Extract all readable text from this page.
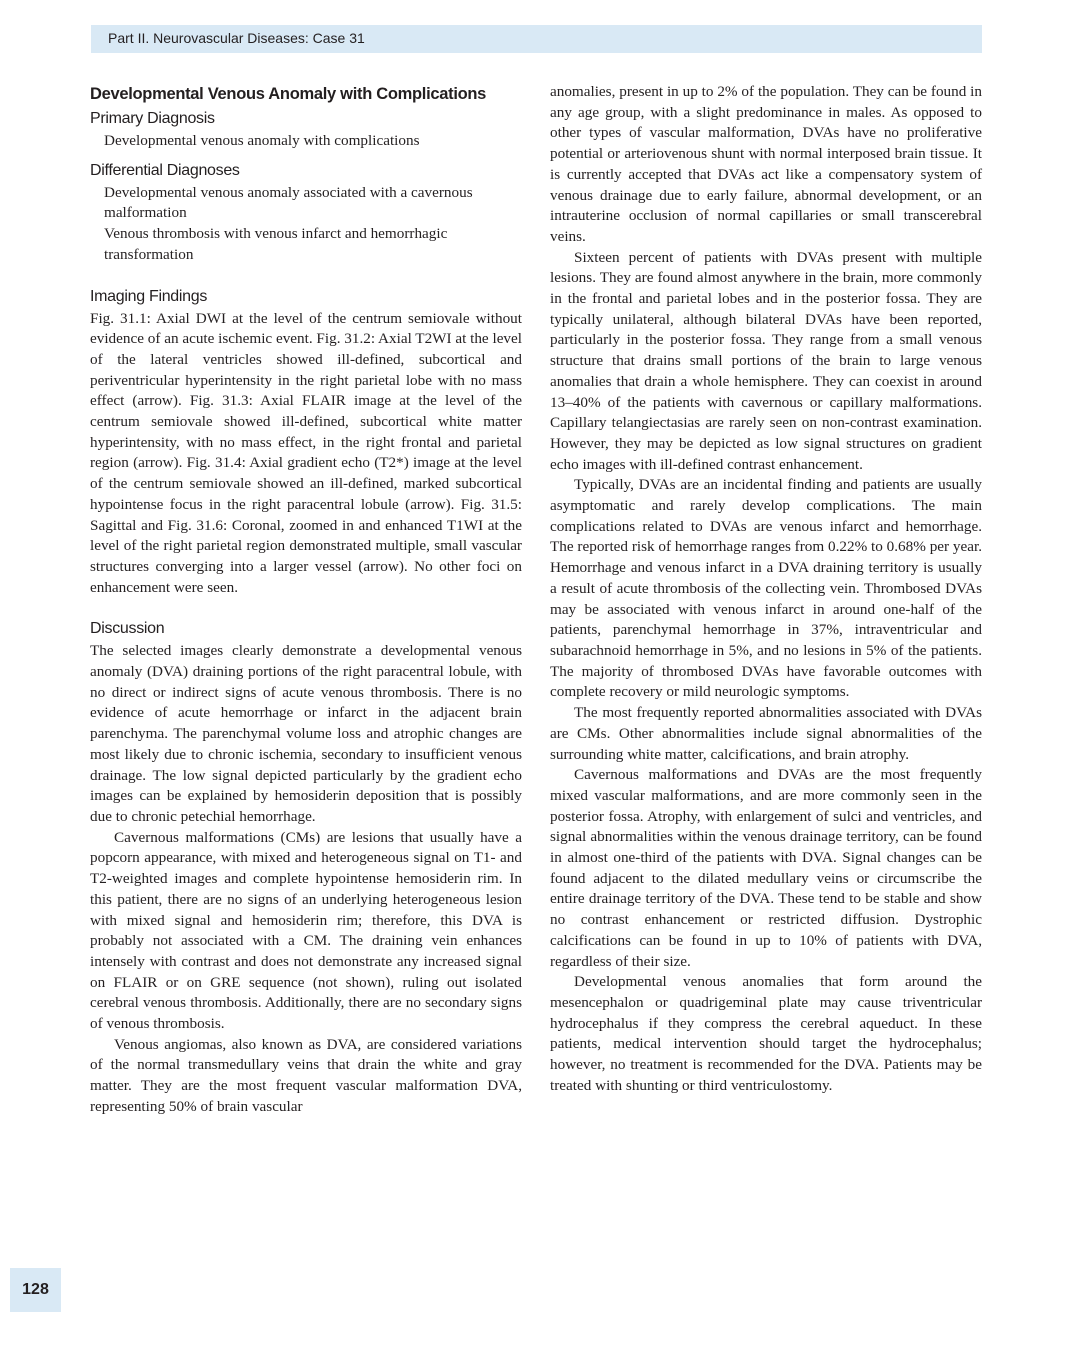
Part II. Neurovascular Diseases: Case 31
Developmental Venous Anomaly with Complications
Primary Diagnosis
Developmental venous anomaly with complications
Differential Diagnoses
Developmental venous anomaly associated with a cavernous malformation
Venous thrombosis with venous infarct and hemorrhagic transformation
Imaging Findings

Fig. 31.1: Axial DWI at the level of the centrum semiovale without evidence of an acute ischemic event. Fig. 31.2: Axial T2WI at the level of the lateral ventricles showed ill-defined, subcortical and periventricular hyperintensity in the right parietal lobe with no mass effect (arrow). Fig. 31.3: Axial FLAIR image at the level of the centrum semiovale showed ill-defined, subcortical white matter hyperintensity, with no mass effect, in the right frontal and parietal region (arrow). Fig. 31.4: Axial gradient echo (T2*) image at the level of the centrum semiovale showed an ill-defined, marked subcortical hypointense focus in the right paracentral lobule (arrow). Fig. 31.5: Sagittal and Fig. 31.6: Coronal, zoomed in and enhanced T1WI at the level of the right parietal region demonstrated multiple, small vascular structures converging into a larger vessel (arrow). No other foci on enhancement were seen.

Discussion

The selected images clearly demonstrate a developmental venous anomaly (DVA) draining portions of the right paracentral lobule, with no direct or indirect signs of acute venous thrombosis. There is no evidence of acute hemorrhage or infarct in the adjacent brain parenchyma. The parenchymal volume loss and atrophic changes are most likely due to chronic ischemia, secondary to insufficient venous drainage. The low signal depicted particularly by the gradient echo images can be explained by hemosiderin deposition that is possibly due to chronic petechial hemorrhage.

Cavernous malformations (CMs) are lesions that usually have a popcorn appearance, with mixed and heterogeneous signal on T1- and T2-weighted images and complete hypointense hemosiderin rim. In this patient, there are no signs of an underlying heterogeneous lesion with mixed signal and hemosiderin rim; therefore, this DVA is probably not associated with a CM. The draining vein enhances intensely with contrast and does not demonstrate any increased signal on FLAIR or on GRE sequence (not shown), ruling out isolated cerebral venous thrombosis. Additionally, there are no secondary signs of venous thrombosis.

Venous angiomas, also known as DVA, are considered variations of the normal transmedullary veins that drain the white and gray matter. They are the most frequent vascular malformation DVA, representing 50% of brain vascular

anomalies, present in up to 2% of the population. They can be found in any age group, with a slight predominance in males. As opposed to other types of vascular malformation, DVAs have no proliferative potential or arteriovenous shunt with normal interposed brain tissue. It is currently accepted that DVAs act like a compensatory system of venous drainage due to early failure, abnormal development, or an intrauterine occlusion of normal capillaries or small transcerebral veins.

Sixteen percent of patients with DVAs present with multiple lesions. They are found almost anywhere in the brain, more commonly in the frontal and parietal lobes and in the posterior fossa. They are typically unilateral, although bilateral DVAs have been reported, particularly in the posterior fossa. They range from a small venous structure that drains small portions of the brain to large venous anomalies that drain a whole hemisphere. They can coexist in around 13–40% of the patients with cavernous or capillary malformations. Capillary telangiectasias are rarely seen on non-contrast examination. However, they may be depicted as low signal structures on gradient echo images with ill-defined contrast enhancement.

Typically, DVAs are an incidental finding and patients are usually asymptomatic and rarely develop complications. The main complications related to DVAs are venous infarct and hemorrhage. The reported risk of hemorrhage ranges from 0.22% to 0.68% per year. Hemorrhage and venous infarct in a DVA draining territory is usually a result of acute thrombosis of the collecting vein. Thrombosed DVAs may be associated with venous infarct in around one-half of the patients, parenchymal hemorrhage in 37%, intraventricular and subarachnoid hemorrhage in 5%, and no lesions in 5% of the patients. The majority of thrombosed DVAs have favorable outcomes with complete recovery or mild neurologic symptoms.

The most frequently reported abnormalities associated with DVAs are CMs. Other abnormalities include signal abnormalities of the surrounding white matter, calcifications, and brain atrophy.

Cavernous malformations and DVAs are the most frequently mixed vascular malformations, and are more commonly seen in the posterior fossa. Atrophy, with enlargement of sulci and ventricles, and signal abnormalities within the venous drainage territory, can be found in almost one-third of the patients with DVA. Signal changes can be found adjacent to the dilated medullary veins or circumscribe the entire drainage territory of the DVA. These tend to be stable and show no contrast enhancement or restricted diffusion. Dystrophic calcifications can be found in up to 10% of patients with DVA, regardless of their size.

Developmental venous anomalies that form around the mesencephalon or quadrigeminal plate may cause triventricular hydrocephalus if they compress the cerebral aqueduct. In these patients, medical intervention should target the hydrocephalus; however, no treatment is recommended for the DVA. Patients may be treated with shunting or third ventriculostomy.

128
